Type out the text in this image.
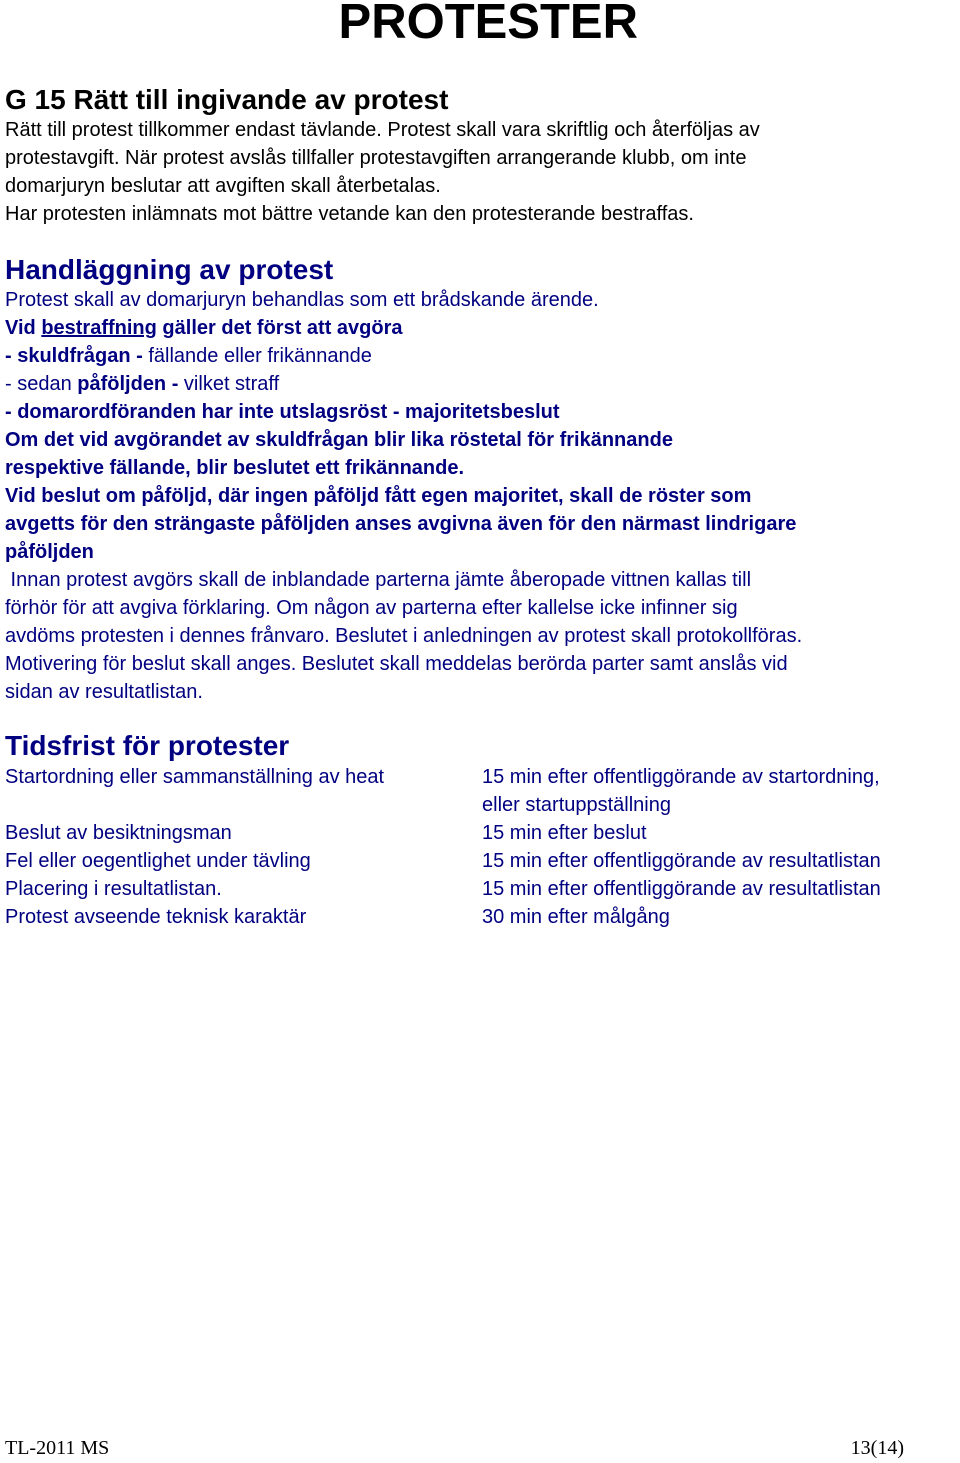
PROTESTER
G 15 Rätt till ingivande av protest

Rätt till protest tillkommer endast tävlande. Protest skall vara skriftlig och återföljas av

protestavgift. När protest avslås tillfaller protestavgiften arrangerande klubb, om inte

domarjuryn beslutar att avgiften skall återbetalas.

Har protesten inlämnats mot bättre vetande kan den protesterande bestraffas.

Handläggning av protest

Protest skall av domarjuryn behandlas som ett brådskande ärende.

Vid bestraffning gäller det först att avgöra

- skuldfrågan - fällande eller frikännande

- sedan påföljden - vilket straff

- domarordföranden har inte utslagsröst - majoritetsbeslut

Om det vid avgörandet av skuldfrågan blir lika röstetal för frikännande

respektive fällande, blir beslutet ett frikännande.

Vid beslut om påföljd, där ingen påföljd fått egen majoritet, skall de röster som

avgetts för den strängaste påföljden anses avgivna även för den närmast lindrigare

påföljden

Innan protest avgörs skall de inblandade parterna jämte åberopade vittnen kallas till

förhör för att avgiva förklaring. Om någon av parterna efter kallelse icke infinner sig

avdöms protesten i dennes frånvaro. Beslutet i anledningen av protest skall protokollföras.

Motivering för beslut skall anges. Beslutet skall meddelas berörda parter samt anslås vid

sidan av resultatlistan.

Tidsfrist för protester
Startordning eller sammanställning av heat	15 min efter offentliggörande av startordning,
eller startuppställning
Beslut av besiktningsman	15 min efter beslut
Fel eller oegentlighet under tävling	15 min efter offentliggörande av resultatlistan
Placering i resultatlistan.	15 min efter offentliggörande av resultatlistan
Protest avseende teknisk karaktär	30 min efter målgång
TL-2011 MS	13(14)
